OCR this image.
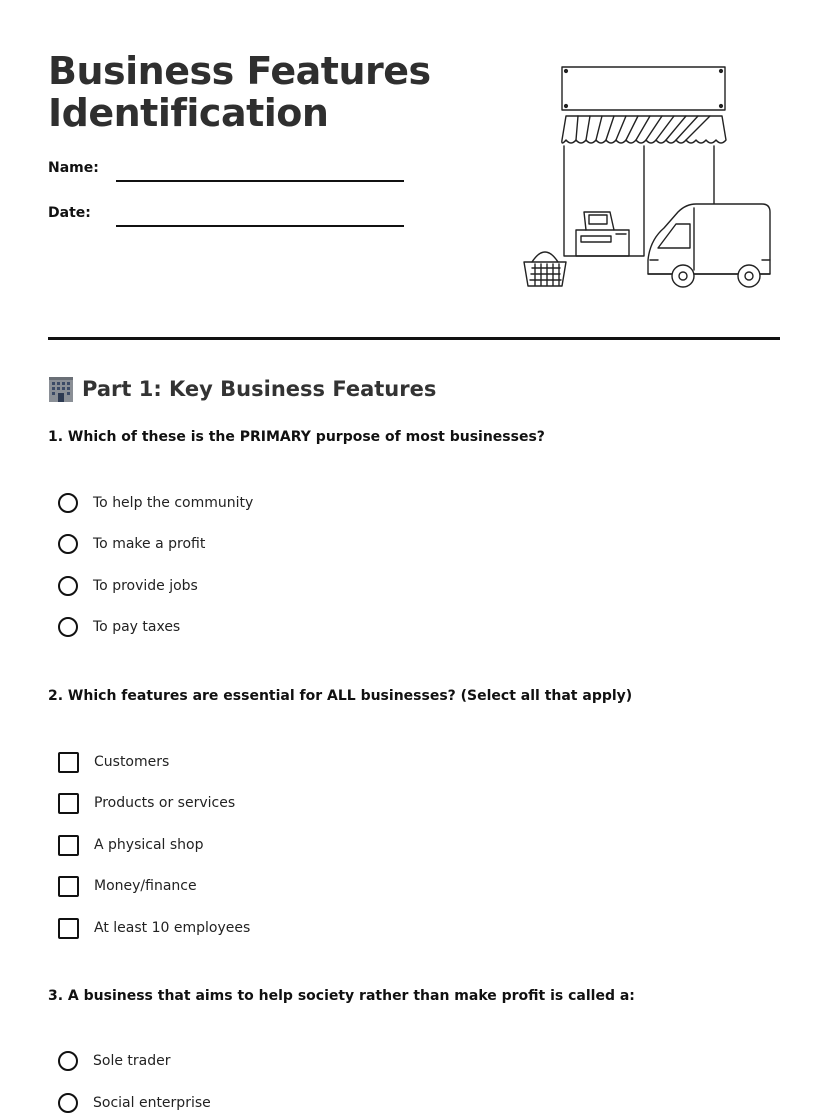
Business Features
Identification
Name:
Date:
Part 1: Key Business Features

1. Which of these is the PRIMARY purpose of most businesses?

To help the community
To make a profit
To provide jobs
To pay taxes

2. Which features are essential for ALL businesses? (Select all that apply)

Customers
Products or services
A physical shop
Money/finance
At least 10 employees

3. A business that aims to help society rather than make profit is called a:

Sole trader
Social enterprise
